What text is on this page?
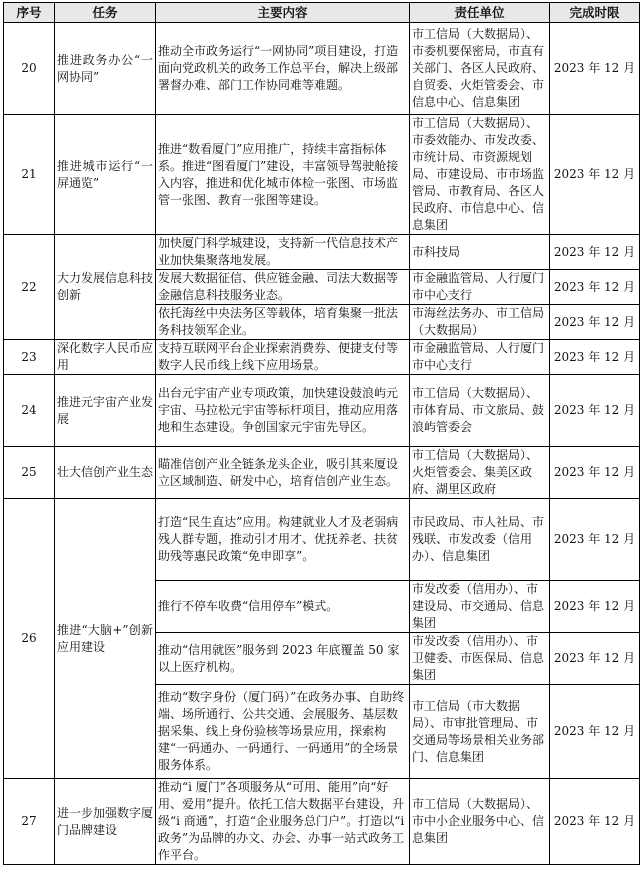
序号	任务	主要内容	责任单位	完成时限
20	推进政务办公“一网协同”	推动全市政务运行“一网协同”项目建设，打造面向党政机关的政务工作总平台，解决上级部署督办难、部门工作协同难等难题。	市工信局（大数据局）、市委机要保密局，市直有关部门、各区人民政府、自贸委、火炬管委会、市信息中心、信息集团	2023 年 12 月
21	推进城市运行“一屏通览”	推进“数看厦门”应用推广，持续丰富指标体系。推进“图看厦门”建设，丰富领导驾驶舱接入内容，推进和优化城市体检一张图、市场监管一张图、教育一张图等建设。	市工信局（大数据局）、市委效能办、市发改委、市统计局、市资源规划局、市建设局、市市场监管局、市教育局、各区人民政府、市信息中心、信息集团	2023 年 12 月
22	大力发展信息科技创新	加快厦门科学城建设，支持新一代信息技术产业加快集聚落地发展。	市科技局	2023 年 12 月
		发展大数据征信、供应链金融、司法大数据等金融信息科技服务业态。	市金融监管局、人行厦门市中心支行	2023 年 12 月
		依托海丝中央法务区等载体，培育集聚一批法务科技领军企业。	市海丝法务办、市工信局（大数据局）	2023 年 12 月
23	深化数字人民币应用	支持互联网平台企业探索消费券、便捷支付等数字人民币线上线下应用场景。	市金融监管局、人行厦门市中心支行	2023 年 12 月
24	推进元宇宙产业发展	出台元宇宙产业专项政策，加快建设鼓浪屿元宇宙、马拉松元宇宙等标杆项目，推动应用落地和生态建设。争创国家元宇宙先导区。	市工信局（大数据局）、市体育局、市文旅局、鼓浪屿管委会	2023 年 12 月
25	壮大信创产业生态	瞄准信创产业全链条龙头企业，吸引其来厦设立区域制造、研发中心，培育信创产业生态。	市工信局（大数据局）、火炬管委会、集美区政府、湖里区政府	2023 年 12 月
26	推进“大脑+”创新应用建设	打造“民生直达”应用。构建就业人才及老弱病残人群专题，推动引才用才、优抚养老、扶贫助残等惠民政策“免申即享”。	市民政局、市人社局、市残联、市发改委（信用办）、信息集团	2023 年 12 月
		推行不停车收费“信用停车”模式。	市发改委（信用办）、市建设局、市交通局、信息集团	2023 年 12 月
		推动“信用就医”服务到 2023 年底覆盖 50 家以上医疗机构。	市发改委（信用办）、市卫健委、市医保局、信息集团	2023 年 12 月
		推动“数字身份（厦门码）”在政务办事、自助终端、场所通行、公共交通、会展服务、基层数据采集、线上身份验核等场景应用，探索构建“一码通办、一码通行、一码通用”的全场景服务体系。	市工信局（市大数据局）、市审批管理局、市交通局等场景相关业务部门、信息集团	2023 年 12 月
27	进一步加强数字厦门品牌建设	推动“i 厦门”各项服务从“可用、能用”向“好用、爱用”提升。依托工信大数据平台建设，升级“i 商通”，打造“企业服务总门户”。打造以“i 政务”为品牌的办文、办会、办事一站式政务工作平台。	市工信局（大数据局）、市中小企业服务中心、信息集团	2023 年 12 月
